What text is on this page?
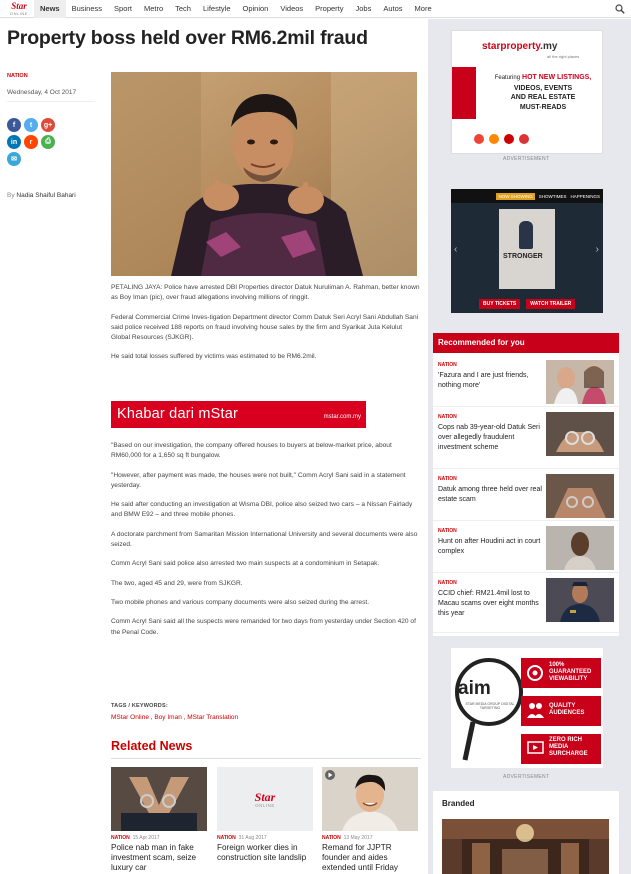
Star
ONLINE
News	Business	Sport	Metro	Tech	Lifestyle	Opinion	Videos	Property	Jobs	Autos	More
Property boss held over RM6.2mil fraud
NATION
Wednesday, 4 Oct 2017
f	t	g+
in	r	⎙
✉
By Nadia Shaiful Bahari

PETALING JAYA: Police have arrested DBI Properties director Datuk Nuruliman A. Rahman, better known as Boy Iman (pic), over fraud allegations involving millions of ringgit.

Federal Commercial Crime Inves-tigation Department director Comm Datuk Seri Acryl Sani Abdullah Sani said police received 188 reports on fraud involving house sales by the firm and Syarikat Juta Kelulut Global Resources (SJKGR).

He said total losses suffered by victims was estimated to be RM6.2mil.

Khabar dari mStar	mstar.com.my

"Based on our investigation, the company offered houses to buyers at below-market price, about RM60,000 for a 1,650 sq ft bungalow.

"However, after payment was made, the houses were not built," Comm Acryl Sani said in a statement yesterday.

He said after conducting an investigation at Wisma DBI, police also seized two cars – a Nissan Fairlady and BMW E92 – and three mobile phones.

A doctorate parchment from Samaritan Mission International University and several documents were also seized.

Comm Acryl Sani said police also arrested two main suspects at a condominium in Setapak.

The two, aged 45 and 29, were from SJKGR.

Two mobile phones and various company documents were also seized during the arrest.

Comm Acryl Sani said all the suspects were remanded for two days from yesterday under Section 420 of the Penal Code.

TAGS / KEYWORDS:
MStar Online , Boy Iman , MStar Translation
Related News
NATION 15 Apr 2017
Police nab man in fake investment scam, seize luxury car
Star
ONLINE
NATION 31 Aug 2017
Foreign worker dies in construction site landslip
NATION 13 May 2017
Remand for JJPTR founder and aides extended until Friday
starproperty.my
all the right places
Featuring HOT NEW LISTINGS,
VIDEOS, EVENTS
AND REAL ESTATE
MUST-READS
ADVERTISEMENT
NOW SHOWING	SHOWTIMES HAPPENINGS
STRONGER
‹	›
BUY TICKETS	WATCH TRAILER
Recommended for you
NATION
'Fazura and I are just friends, nothing more'
NATION
Cops nab 39-year-old Datuk Seri over allegedly fraudulent investment scheme
NATION
Datuk among three held over real estate scam
NATION
Hunt on after Houdini act in court complex
NATION
CCID chief: RM21.4mil lost to Macau scams over eight months this year
aim
STAR MEDIA GROUP DIGITAL TARGETING
100% GUARANTEED VIEWABILITY
QUALITY AUDIENCES
ZERO RICH MEDIA SURCHARGE
ADVERTISEMENT
Branded
